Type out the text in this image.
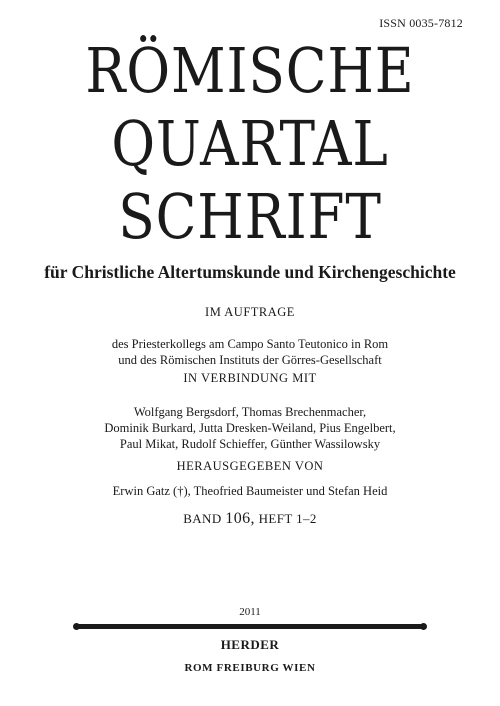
ISSN 0035-7812
RÖMISCHE
QUARTAL
SCHRIFT
für Christliche Altertumskunde und Kirchengeschichte
IM AUFTRAGE
des Priesterkollegs am Campo Santo Teutonico in Rom
und des Römischen Instituts der Görres-Gesellschaft
IN VERBINDUNG MIT
Wolfgang Bergsdorf, Thomas Brechenmacher,
Dominik Burkard, Jutta Dresken-Weiland, Pius Engelbert,
Paul Mikat, Rudolf Schieffer, Günther Wassilowsky
HERAUSGEGEBEN VON
Erwin Gatz (†), Theofried Baumeister und Stefan Heid
BAND 106, HEFT 1–2
2011
HERDER
ROM FREIBURG WIEN
